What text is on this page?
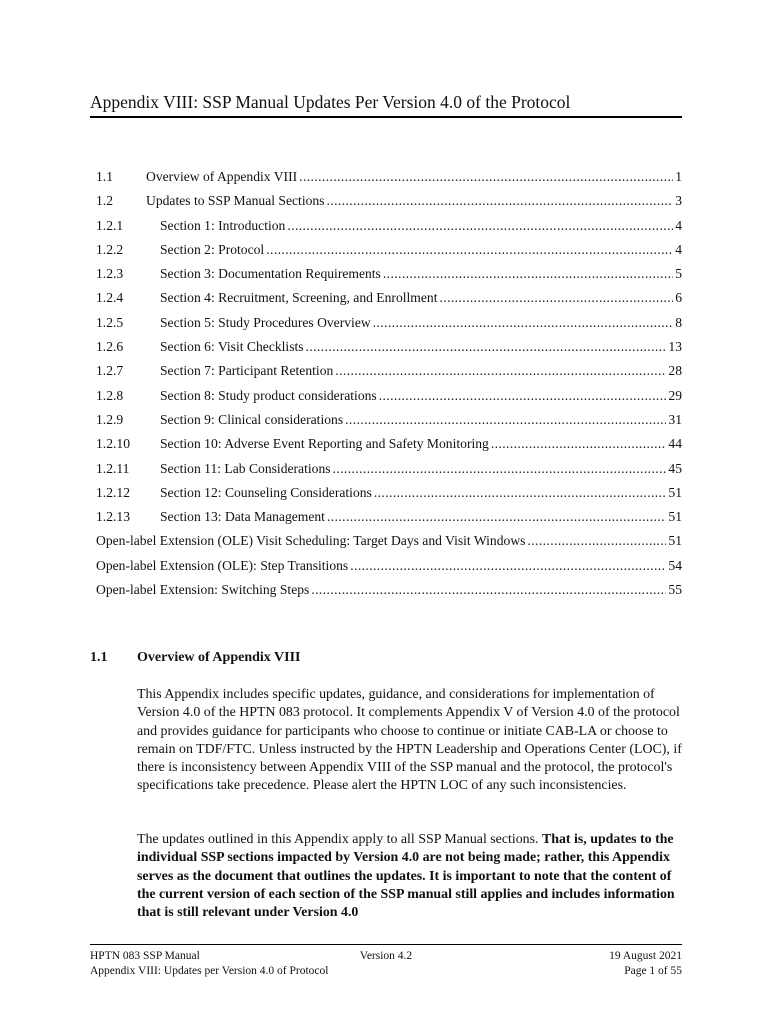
Appendix VIII: SSP Manual Updates Per Version 4.0 of the Protocol
1.1	Overview of Appendix VIII . . .	1
1.2	Updates to SSP Manual Sections . . .	3
1.2.1	Section 1: Introduction . . .	4
1.2.2	Section 2: Protocol . . .	4
1.2.3	Section 3: Documentation Requirements . . .	5
1.2.4	Section 4: Recruitment, Screening, and Enrollment . . .	6
1.2.5	Section 5: Study Procedures Overview . . .	8
1.2.6	Section 6: Visit Checklists . . .	13
1.2.7	Section 7: Participant Retention . . .	28
1.2.8	Section 8: Study product considerations . . .	29
1.2.9	Section 9: Clinical considerations . . .	31
1.2.10	Section 10: Adverse Event Reporting and Safety Monitoring . . .	44
1.2.11	Section 11: Lab Considerations . . .	45
1.2.12	Section 12: Counseling Considerations . . .	51
1.2.13	Section 13: Data Management . . .	51
Open-label Extension (OLE) Visit Scheduling: Target Days and Visit Windows . . .	51
Open-label Extension (OLE): Step Transitions . . .	54
Open-label Extension: Switching Steps . . .	55
1.1	Overview of Appendix VIII
This Appendix includes specific updates, guidance, and considerations for implementation of Version 4.0 of the HPTN 083 protocol. It complements Appendix V of Version 4.0 of the protocol and provides guidance for participants who choose to continue or initiate CAB-LA or choose to remain on TDF/FTC. Unless instructed by the HPTN Leadership and Operations Center (LOC), if there is inconsistency between Appendix VIII of the SSP manual and the protocol, the protocol's specifications take precedence. Please alert the HPTN LOC of any such inconsistencies.
The updates outlined in this Appendix apply to all SSP Manual sections. That is, updates to the individual SSP sections impacted by Version 4.0 are not being made; rather, this Appendix serves as the document that outlines the updates. It is important to note that the content of the current version of each section of the SSP manual still applies and includes information that is still relevant under Version 4.0
HPTN 083 SSP Manual	Version 4.2	19 August 2021
Appendix VIII: Updates per Version 4.0 of Protocol	Page 1 of 55
